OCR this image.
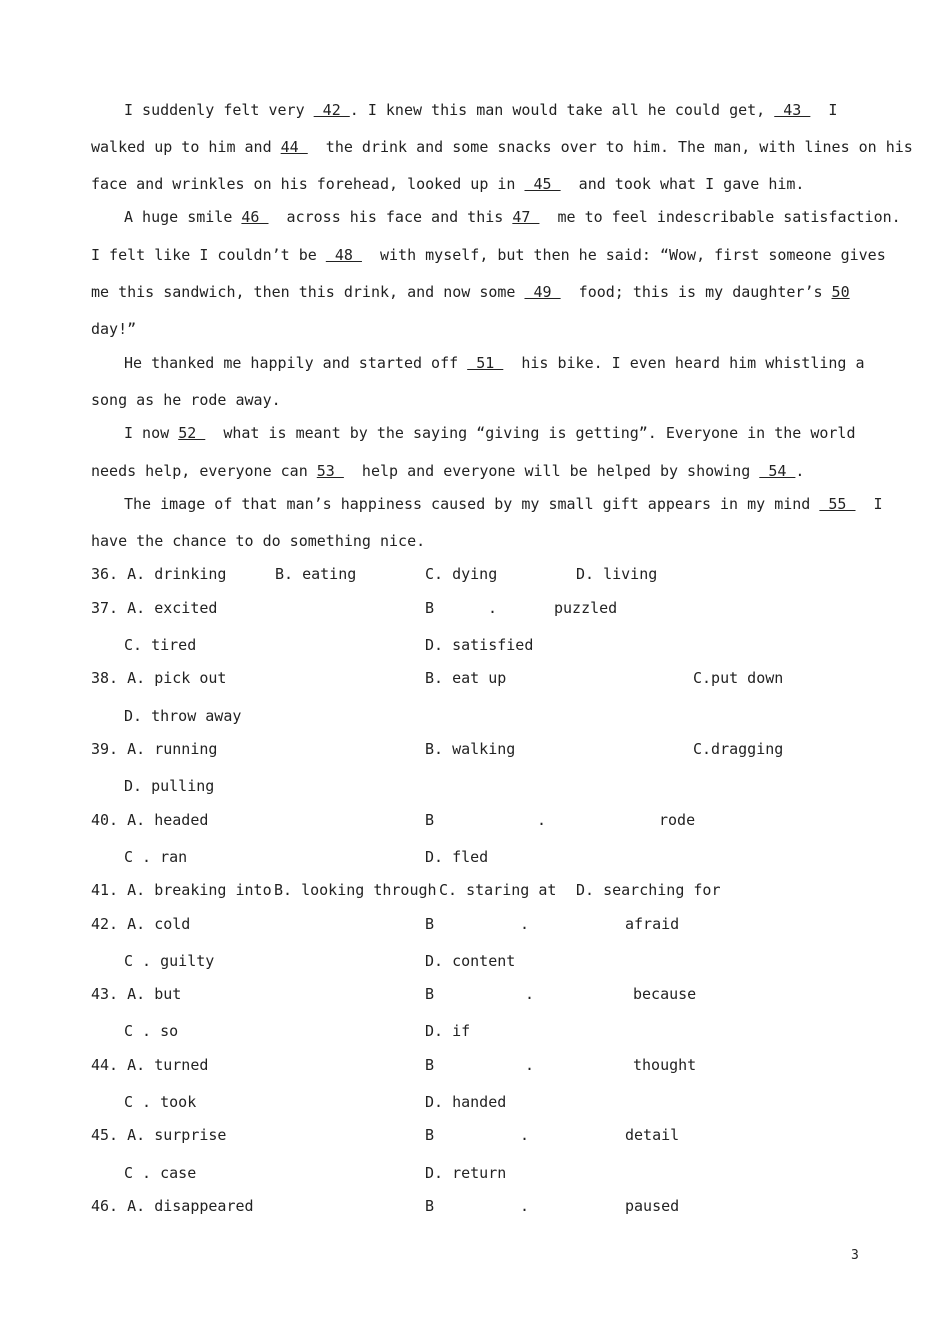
I suddenly felt very  42 . I knew this man would take all he could get,  43   I
walked up to him and 44   the drink and some snacks over to him. The man, with lines on his
face and wrinkles on his forehead, looked up in  45   and took what I gave him.
A huge smile 46   across his face and this 47   me to feel indescribable satisfaction.
I felt like I couldn’t be  48   with myself, but then he said: “Wow, first someone gives
me this sandwich, then this drink, and now some  49   food; this is my daughter’s 50
day!”
He thanked me happily and started off  51   his bike. I even heard him whistling a
song as he rode away.
I now 52   what is meant by the saying “giving is getting”. Everyone in the world
needs help, everyone can 53   help and everyone will be helped by showing  54 .
The image of that man’s happiness caused by my small gift appears in my mind  55   I
have the chance to do something nice.
36. A. drinking	B. eating	C. dying	D. living
37. A. excited	B	.	puzzled
C. tired	D. satisfied
38. A. pick out	B. eat up	C.put down
D. throw away
39. A. running	B. walking	C.dragging
D. pulling
40. A. headed	B	.	rode
C . ran	D. fled
41. A. breaking into B. looking through C. staring at D. searching for
42. A. cold	B	.	afraid
C . guilty	D. content
43. A. but	B	.	because
C . so	D. if
44. A. turned	B	.	thought
C . took	D. handed
45. A. surprise	B	.	detail
C . case	D. return
46. A. disappeared	B	.	paused
3
